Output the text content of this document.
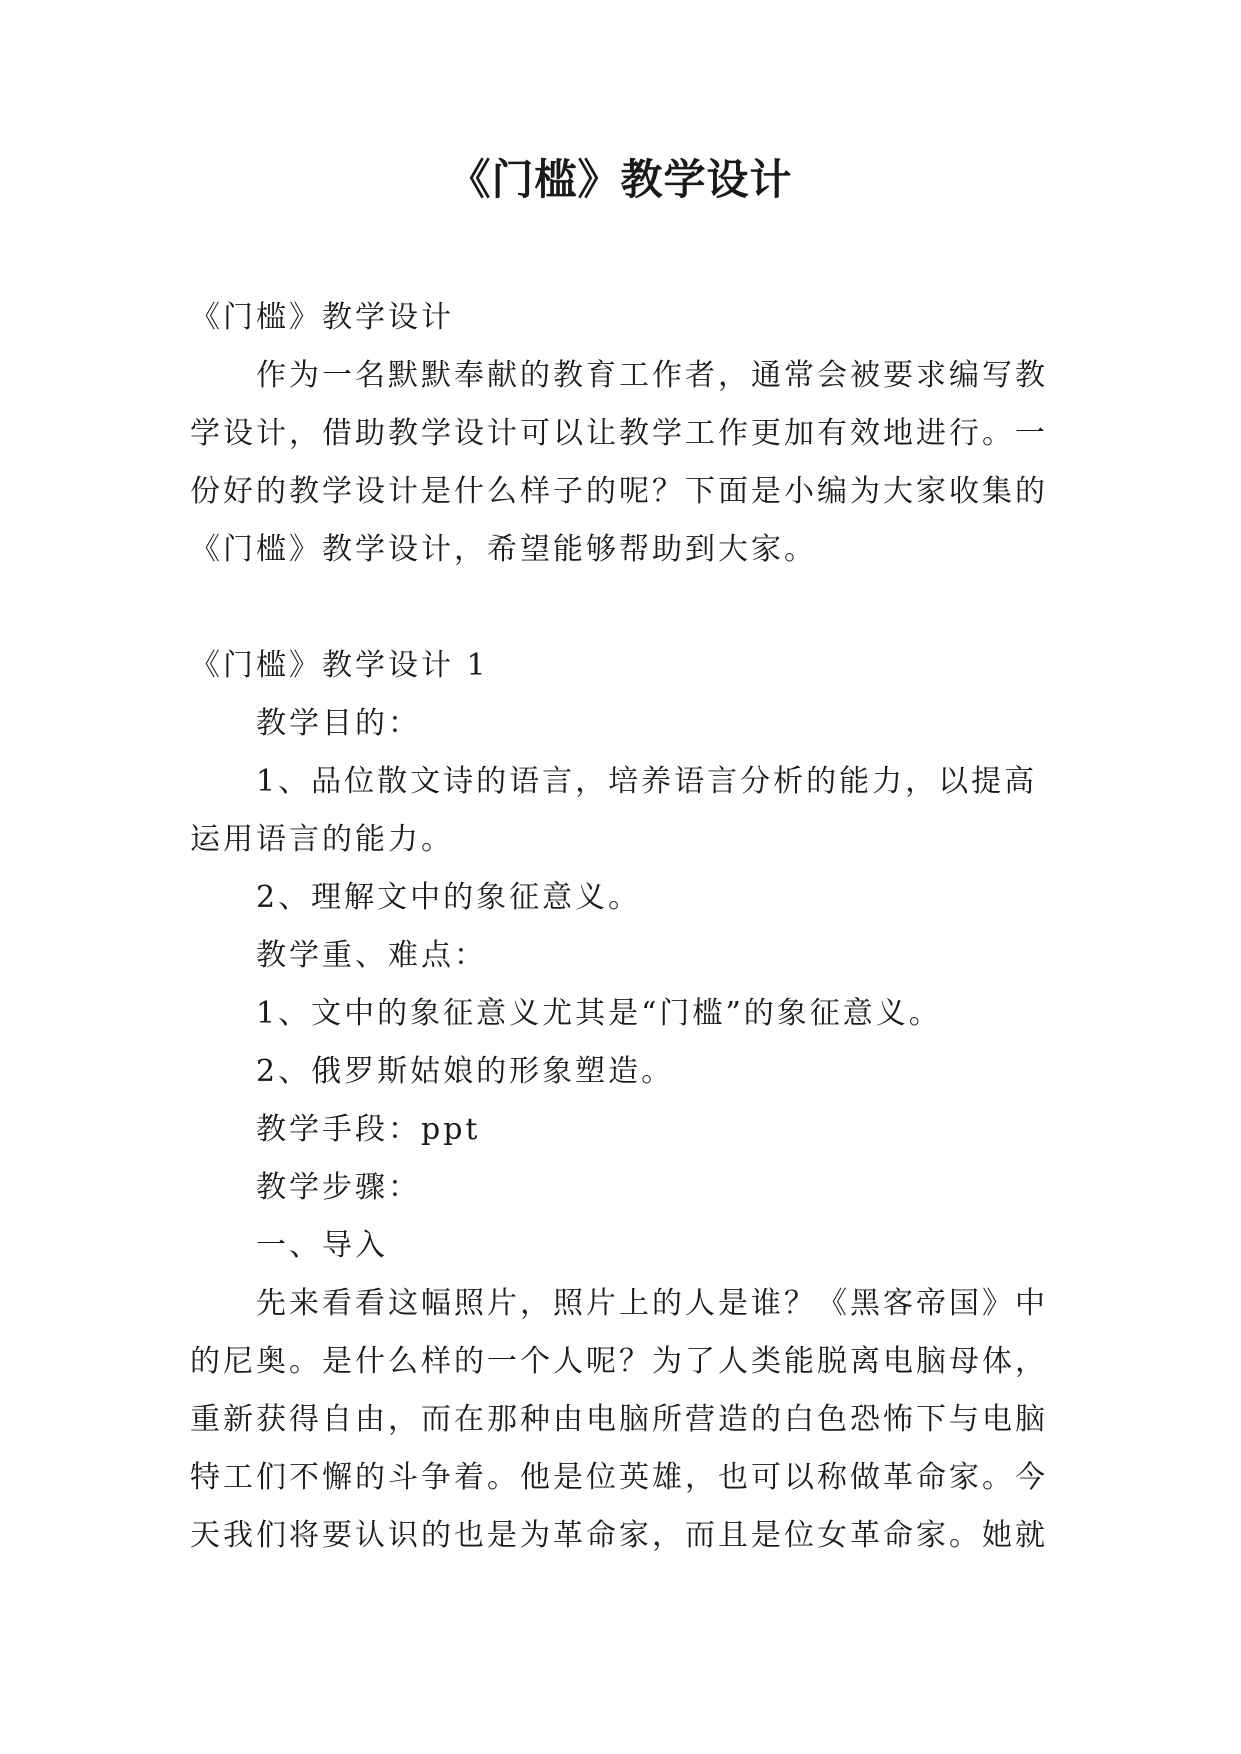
《门槛》教学设计

《门槛》教学设计

作为一名默默奉献的教育工作者，通常会被要求编写教学设计，借助教学设计可以让教学工作更加有效地进行。一份好的教学设计是什么样子的呢？下面是小编为大家收集的《门槛》教学设计，希望能够帮助到大家。

《门槛》教学设计 1

教学目的：

1、品位散文诗的语言，培养语言分析的能力，以提高运用语言的能力。

2、理解文中的象征意义。

教学重、难点：

1、文中的象征意义尤其是“门槛”的象征意义。

2、俄罗斯姑娘的形象塑造。

教学手段：ppt

教学步骤：

一、导入

先来看看这幅照片，照片上的人是谁？《黑客帝国》中的尼奥。是什么样的一个人呢？为了人类能脱离电脑母体，重新获得自由，而在那种由电脑所营造的白色恐怖下与电脑特工们不懈的斗争着。他是位英雄，也可以称做革命家。今天我们将要认识的也是为革命家，而且是位女革命家。她就
